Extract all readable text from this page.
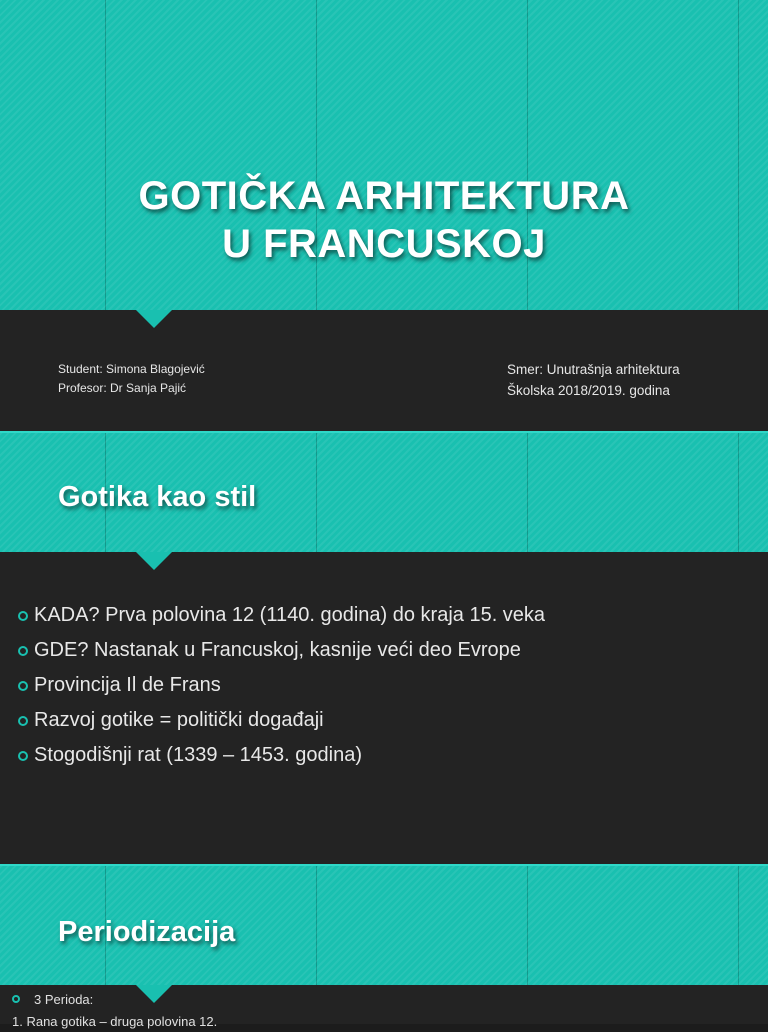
GOTIČKA ARHITEKTURA
U FRANCUSKOJ
Student: Simona Blagojević
Profesor: Dr Sanja Pajić
Smer: Unutrašnja arhitektura
Školska 2018/2019. godina
Gotika kao stil
KADA? Prva polovina 12 (1140. godina) do kraja 15. veka
GDE? Nastanak u Francuskoj, kasnije veći deo Evrope
Provincija Il de Frans
Razvoj gotike = politički događaji
Stogodišnji rat (1339 – 1453. godina)
Periodizacija
3 Perioda:
1. Rana gotika – druga polovina 12.
